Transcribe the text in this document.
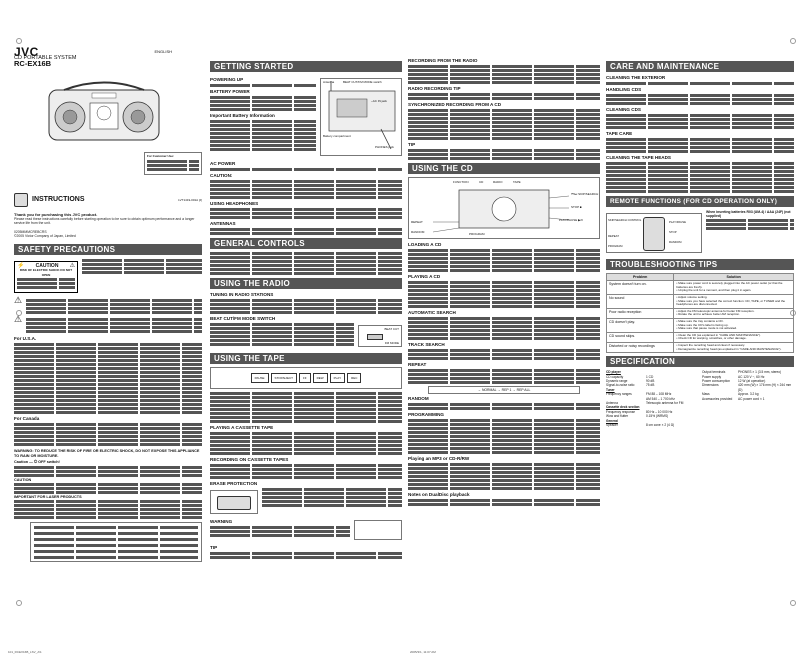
JVC	ENGLISH
CD PORTABLE SYSTEM
RC-EX16B
For Customer Use:
INSTRUCTIONS	LVT1419-001A [J]
Thank you for purchasing this JVC product.
Please read these instructions carefully before starting operation to be sure to obtain optimum performance and a longer service life from the unit.
0205MMMCREBCRS
©2005 Victor Company of Japan, Limited
SAFETY PRECAUTIONS
⚡ CAUTION ⚠
RISK OF ELECTRIC SHOCK DO NOT OPEN
⚠
⚠
For U.S.A.
For Canada
WARNING: TO REDUCE THE RISK OF FIRE OR ELECTRIC SHOCK, DO NOT EXPOSE THIS APPLIANCE TO RAIN OR MOISTURE.
Caution — ⏻ OFF switch!
CAUTION
IMPORTANT FOR LASER PRODUCTS
GETTING STARTED
POWERING UP
BATTERY POWER
Important Battery Information
Antenna	BEAT CUT/FM MODE switch
~AC IN jack
Battery compartment
PHONES jack
AC POWER
CAUTION:
USING HEADPHONES
ANTENNAS
GENERAL CONTROLS
USING THE RADIO
TUNING IN RADIO STATIONS
BEAT CUT/FM MODE SWITCH
BEAT CUT
FM MODE
USING THE TAPE
PAUSE	STOP/EJECT	FF	REW	PLAY	REC
PLAYING A CASSETTE TAPE
RECORDING ON CASSETTE TAPES
ERASE PROTECTION
WARNING
TIP
RECORDING FROM THE RADIO
RADIO RECORDING TIP
SYNCHRONIZED RECORDING FROM A CD
TIP
USING THE CD
FUNCTION	CD	RADIO	TAPE
REPEAT
RANDOM	PROGRAM
⏮/⏭ SKIP/SEARCH
STOP ■
PLAY/PAUSE ▶/II
LOADING A CD
PLAYING A CD
AUTOMATIC SEARCH
TRACK SEARCH
REPEAT
→ NORMAL → REP 1 → REP ALL
RANDOM
PROGRAMMING
Playing an MP3 or CD-R/RW
Notes on DualDisc playback
CARE AND MAINTENANCE
CLEANING THE EXTERIOR
HANDLING CDS
CLEANING CDS
TAPE CARE
CLEANING THE TAPE HEADS
REMOTE FUNCTIONS (FOR CD OPERATION ONLY)
SKIP/SEARCH CONTROL
REPEAT
PROGRAM
PLAY/PAUSE
STOP
RANDOM
When inserting batteries R03 (UM-4) / AAA (24F) (not supplied)
TROUBLESHOOTING TIPS
Problem	Solution
System doesn't turn on.	• Make sure power cord is securely plugged into the AC power outlet (or that the batteries are fresh).
• Unplug the unit for a moment, and then plug it in again.
No sound	• Adjust volume setting.
• Make sure you have selected the correct function: CD, TAPE, or TUNER and the headphones are disconnected.
Poor radio reception	• Adjust the FM telescopic antenna for better FM reception.
• Rotate the unit to achieve better AM reception.
CD doesn't play.	• Make sure the tray contains a CD.
• Make sure the CD's label is facing up.
• Make sure that pause mode is not activated.
CD sound skips.	• Clean the CD (as explained in "CARE AND MAINTENANCE").
• Check CD for warping, scratches, or other damage.
Distorted or noisy recordings	• Inspect the recording head and clean if necessary.
• Demagnetize recording head (as explained in "CARE AND MAINTENANCE").
SPECIFICATION
CD player
CD capacity	1 CD
Dynamic range	90 dB
Signal-to-noise ratio	75 dB
Tuner
Frequency ranges	FM 88 – 108 MHz
AM 540 – 1 700 kHz
Antenna	Telescopic antenna for FM
Cassette deck section
Frequency response	80 Hz – 10 000 Hz
Wow and flutter	0.15% (WRMS)
General
Speaker	8 cm cone × 2 (4 Ω)
Output terminals	PHONES × 1 (3.5 mm, stereo)
Power supply	AC 120 V ~, 60 Hz
Power consumption	12 W (at operation)
Dimensions	420 mm (W) × 176 mm (H) × 244 mm (D)
Mass	Approx. 3.2 kg
Accessories provided	AC power cord × 1
101_RCEX16B_LSV_AS	2005/3/1, 11:07 AM
